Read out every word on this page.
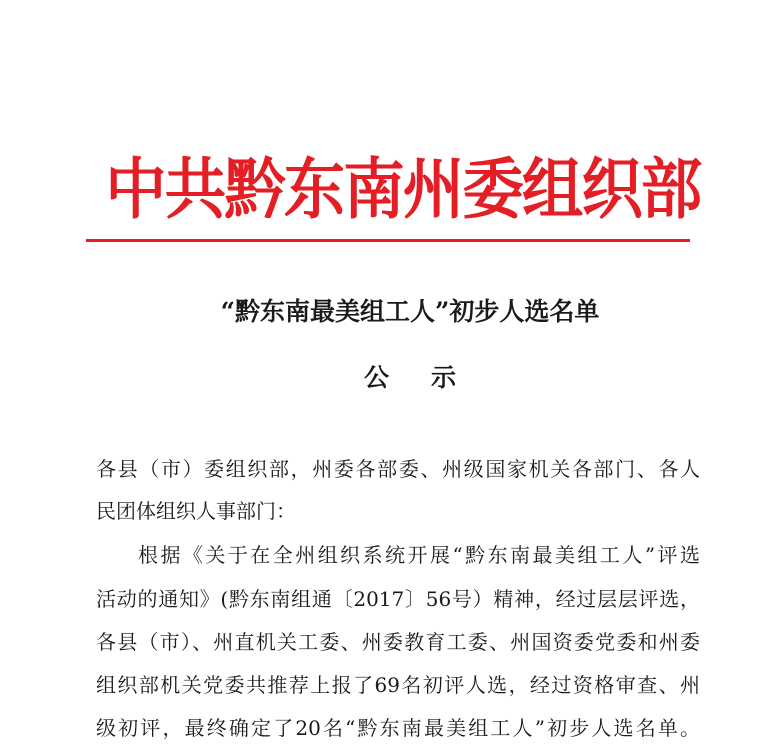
中共黔东南州委组织部
“黔东南最美组工人”初步人选名单
公示
各县（市）委组织部，州委各部委、州级国家机关各部门、各人
民团体组织人事部门：
根据《关于在全州组织系统开展“黔东南最美组工人”评选
活动的通知》(黔东南组通〔2017〕56号）精神，经过层层评选，
各县（市）、州直机关工委、州委教育工委、州国资委党委和州委
组织部机关党委共推荐上报了69名初评人选，经过资格审查、州
级初评，最终确定了20名“黔东南最美组工人”初步人选名单。
